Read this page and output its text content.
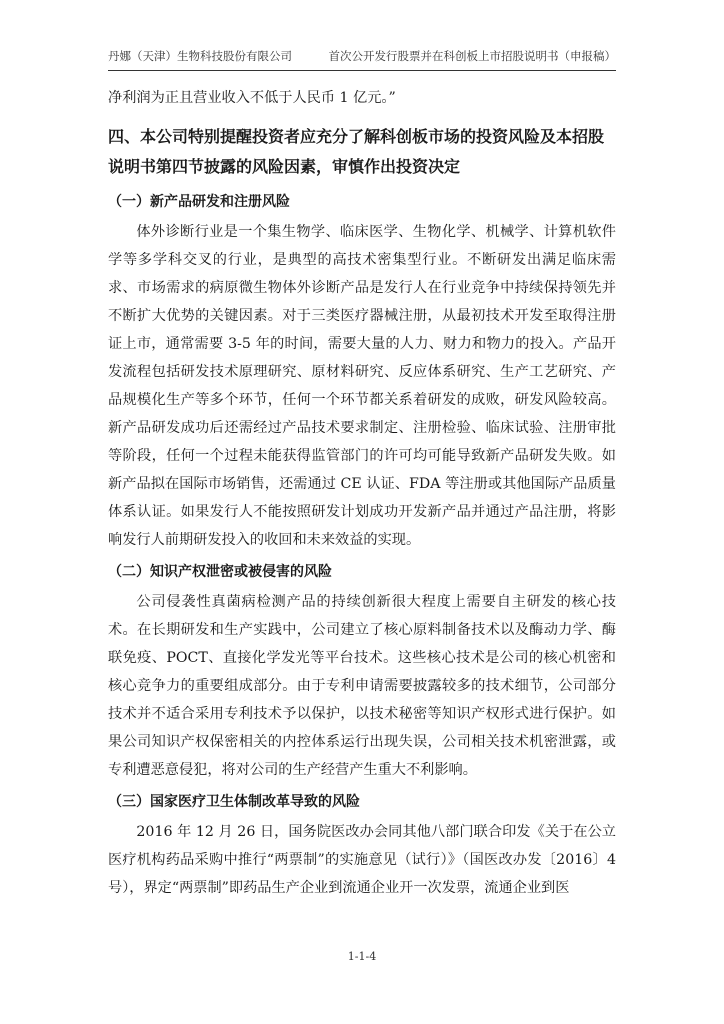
丹娜（天津）生物科技股份有限公司	首次公开发行股票并在科创板上市招股说明书（申报稿）

净利润为正且营业收入不低于人民币 1 亿元。”

四、本公司特别提醒投资者应充分了解科创板市场的投资风险及本招股说明书第四节披露的风险因素，审慎作出投资决定
（一）新产品研发和注册风险

体外诊断行业是一个集生物学、临床医学、生物化学、机械学、计算机软件学等多学科交叉的行业，是典型的高技术密集型行业。不断研发出满足临床需求、市场需求的病原微生物体外诊断产品是发行人在行业竞争中持续保持领先并不断扩大优势的关键因素。对于三类医疗器械注册，从最初技术开发至取得注册证上市，通常需要 3-5 年的时间，需要大量的人力、财力和物力的投入。产品开发流程包括研发技术原理研究、原材料研究、反应体系研究、生产工艺研究、产品规模化生产等多个环节，任何一个环节都关系着研发的成败，研发风险较高。新产品研发成功后还需经过产品技术要求制定、注册检验、临床试验、注册审批等阶段，任何一个过程未能获得监管部门的许可均可能导致新产品研发失败。如新产品拟在国际市场销售，还需通过 CE 认证、FDA 等注册或其他国际产品质量体系认证。如果发行人不能按照研发计划成功开发新产品并通过产品注册，将影响发行人前期研发投入的收回和未来效益的实现。

（二）知识产权泄密或被侵害的风险

公司侵袭性真菌病检测产品的持续创新很大程度上需要自主研发的核心技术。在长期研发和生产实践中，公司建立了核心原料制备技术以及酶动力学、酶联免疫、POCT、直接化学发光等平台技术。这些核心技术是公司的核心机密和核心竞争力的重要组成部分。由于专利申请需要披露较多的技术细节，公司部分技术并不适合采用专利技术予以保护，以技术秘密等知识产权形式进行保护。如果公司知识产权保密相关的内控体系运行出现失误，公司相关技术机密泄露，或专利遭恶意侵犯，将对公司的生产经营产生重大不利影响。

（三）国家医疗卫生体制改革导致的风险

2016 年 12 月 26 日，国务院医改办会同其他八部门联合印发《关于在公立医疗机构药品采购中推行“两票制”的实施意见（试行）》（国医改办发〔2016〕4 号），界定“两票制”即药品生产企业到流通企业开一次发票，流通企业到医

1-1-4
